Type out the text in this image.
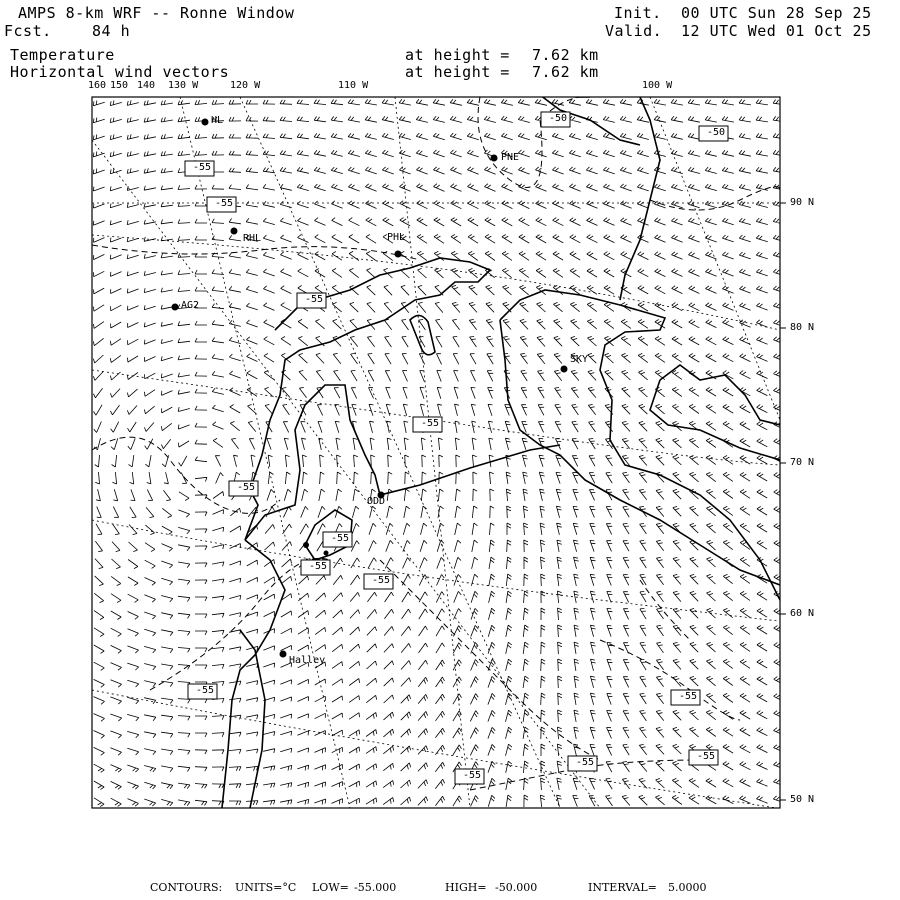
AMPS 8-km WRF -- Ronne Window
Fcst.	84 h
Temperature
Horizontal wind vectors
Init. 00 UTC Sun 28 Sep 25
Valid. 12 UTC Wed 01 Oct 25
at height = 7.62 km
at height = 7.62 km
-50
-50
-55
-55
-55
-55
-55
-55
-55
-55
-55
-55
-55
-55
-55
HL
PNE
RHL	PHL
AG2
SKY
ODD
Halley
160 150 140 130 W	120 W	110 W	100 W
90 N
80 N
70 N
60 N
50 N
CONTOURS: UNITS=°C LOW= -55.000	HIGH= -50.000	INTERVAL= 5.0000
